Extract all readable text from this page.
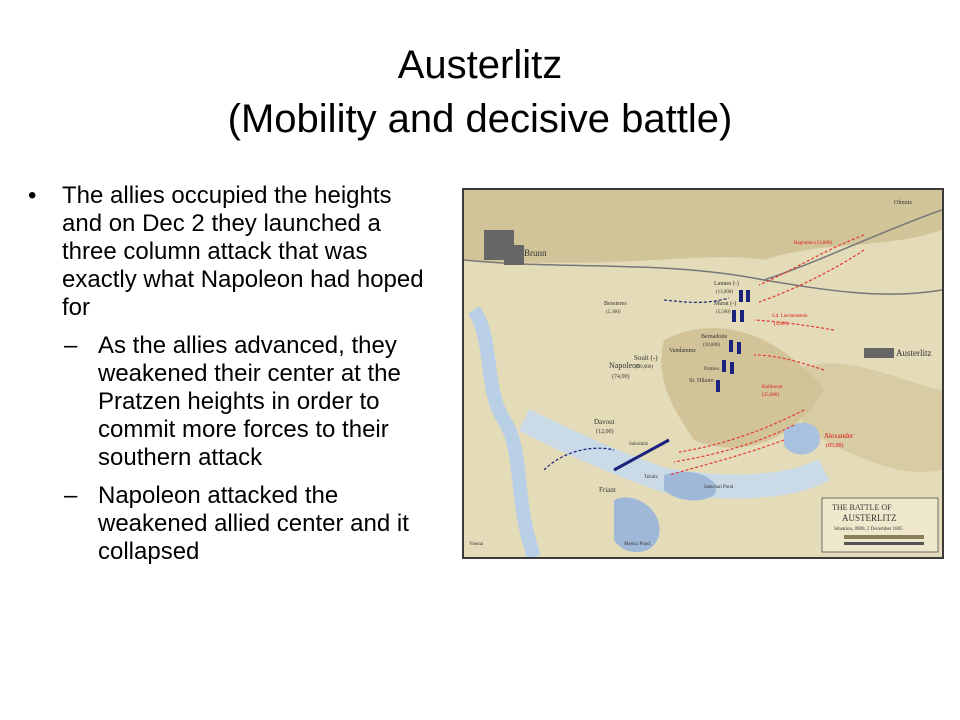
Austerlitz
(Mobility and decisive battle)
• The allies occupied the heights and on Dec 2 they launched a three column attack that was exactly what Napoleon had hoped for
– As the allies advanced, they weakened their center at the Pratzen heights in order to commit more forces to their southern attack
– Napoleon attacked the weakened allied center and it collapsed
Brunn
Austerlitz
Olmutz
Napoleon
(74,00)
Davout
(12,00)
Soult (-)
(19,000)
Lannes (-)
(13,000)
Bessieres
(5,300)
Murat (-)
(5,500)
Bernadotte
(10,000)
Vandamme
St. Hilaire
Bagration (13,000)
Gd. Liechtenstein
(4,600)
Kollowrat
(25,000)
Alexander
(85,00)
Friant
Pratzen
Sokolnitz
Telnitz
Menitz Pond
Satschan Pond
Vienna
THE BATTLE OF
AUSTERLITZ
Situation, 0900, 2 December 1805
